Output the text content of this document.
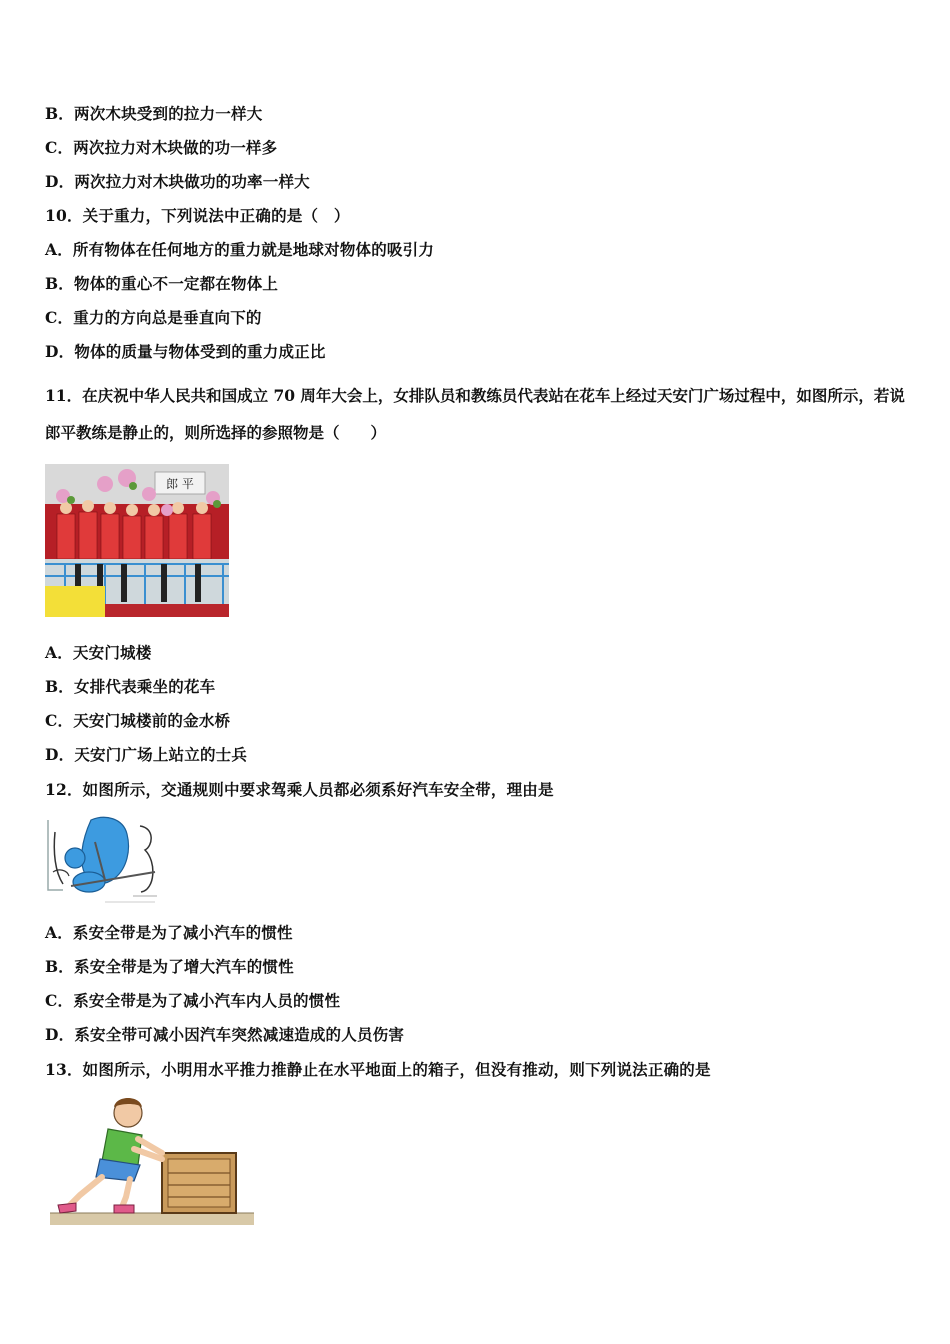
B．两次木块受到的拉力一样大
C．两次拉力对木块做的功一样多
D．两次拉力对木块做功的功率一样大
10．关于重力，下列说法中正确的是（　）
A．所有物体在任何地方的重力就是地球对物体的吸引力
B．物体的重心不一定都在物体上
C．重力的方向总是垂直向下的
D．物体的质量与物体受到的重力成正比
11．在庆祝中华人民共和国成立 70 周年大会上，女排队员和教练员代表站在花车上经过天安门广场过程中，如图所示，若说郎平教练是静止的，则所选择的参照物是（　　）
郎 平
A．天安门城楼
B．女排代表乘坐的花车
C．天安门城楼前的金水桥
D．天安门广场上站立的士兵
12．如图所示，交通规则中要求驾乘人员都必须系好汽车安全带，理由是
A．系安全带是为了减小汽车的惯性
B．系安全带是为了增大汽车的惯性
C．系安全带是为了减小汽车内人员的惯性
D．系安全带可减小因汽车突然减速造成的人员伤害
13．如图所示，小明用水平推力推静止在水平地面上的箱子，但没有推动，则下列说法正确的是
